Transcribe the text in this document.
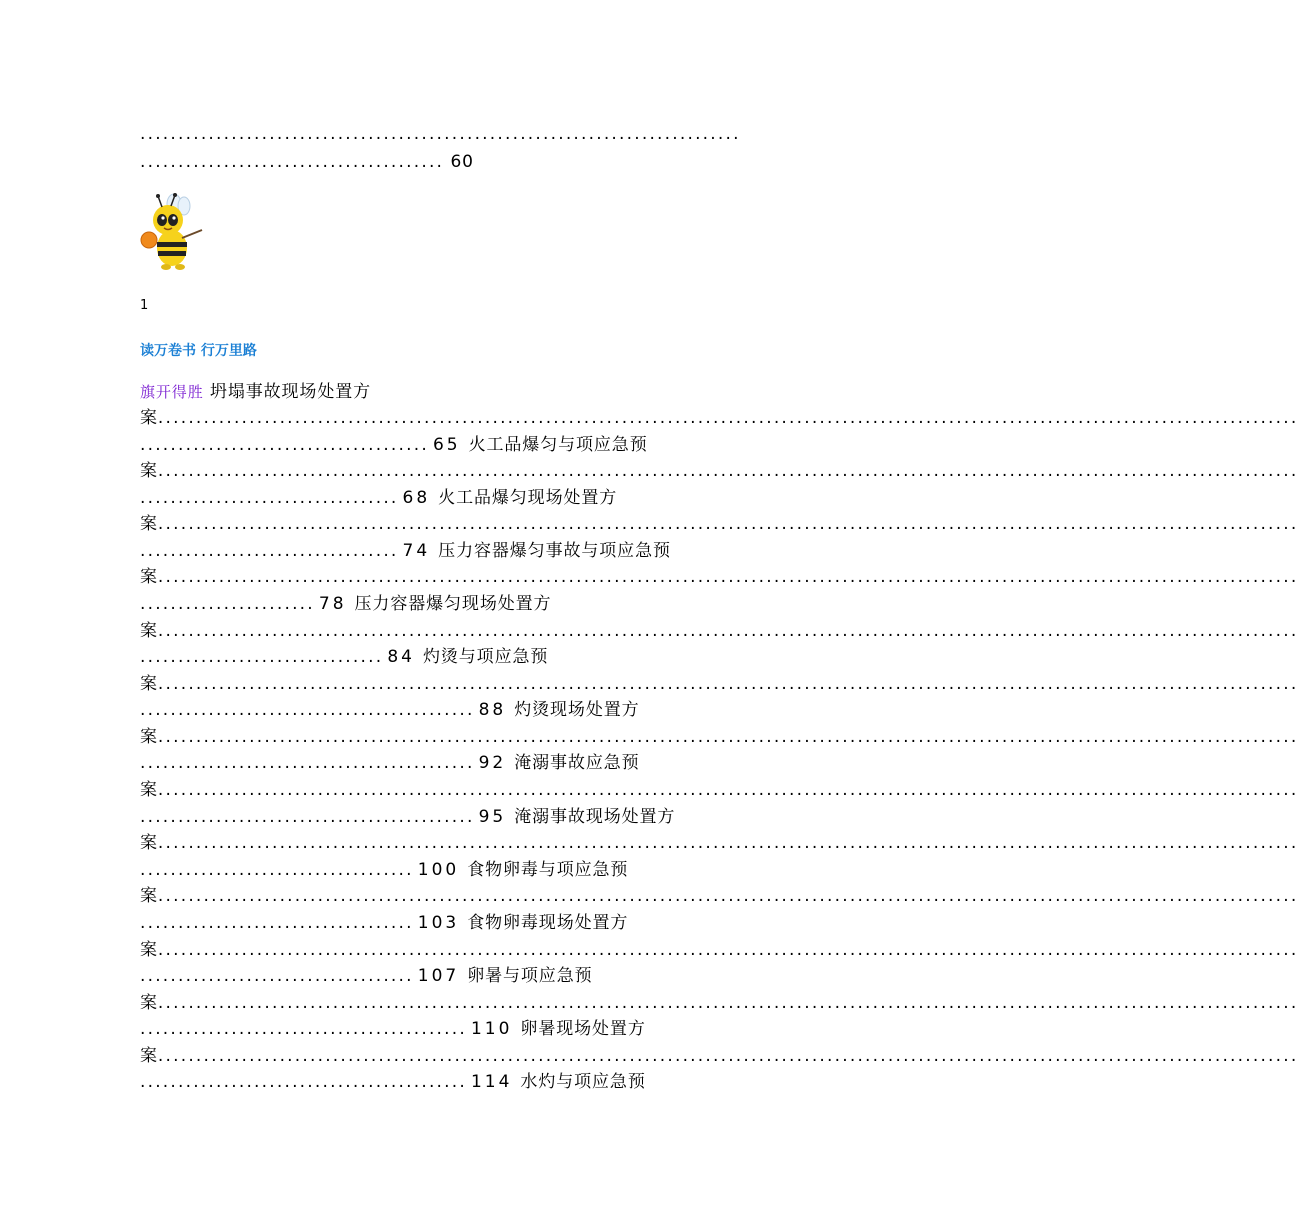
...............................................................................
........................................ 60
1
读万卷书 行万里路
旗开得胜 坍塌事故现场处置方
案......................................................................................................................................................
...................................... 65 火工品爆匀与项应急预
案......................................................................................................................................................
.................................. 68 火工品爆匀现场处置方
案......................................................................................................................................................
.................................. 74 压力容器爆匀事故与项应急预
案......................................................................................................................................................
....................... 78 压力容器爆匀现场处置方
案......................................................................................................................................................
................................ 84 灼烫与项应急预
案......................................................................................................................................................
............................................ 88 灼烫现场处置方
案......................................................................................................................................................
............................................ 92 淹溺事故应急预
案......................................................................................................................................................
............................................ 95 淹溺事故现场处置方
案......................................................................................................................................................
.................................... 100 食物卵毒与项应急预
案......................................................................................................................................................
.................................... 103 食物卵毒现场处置方
案......................................................................................................................................................
.................................... 107 卵暑与项应急预
案......................................................................................................................................................
........................................... 110 卵暑现场处置方
案......................................................................................................................................................
........................................... 114 水灼与项应急预
